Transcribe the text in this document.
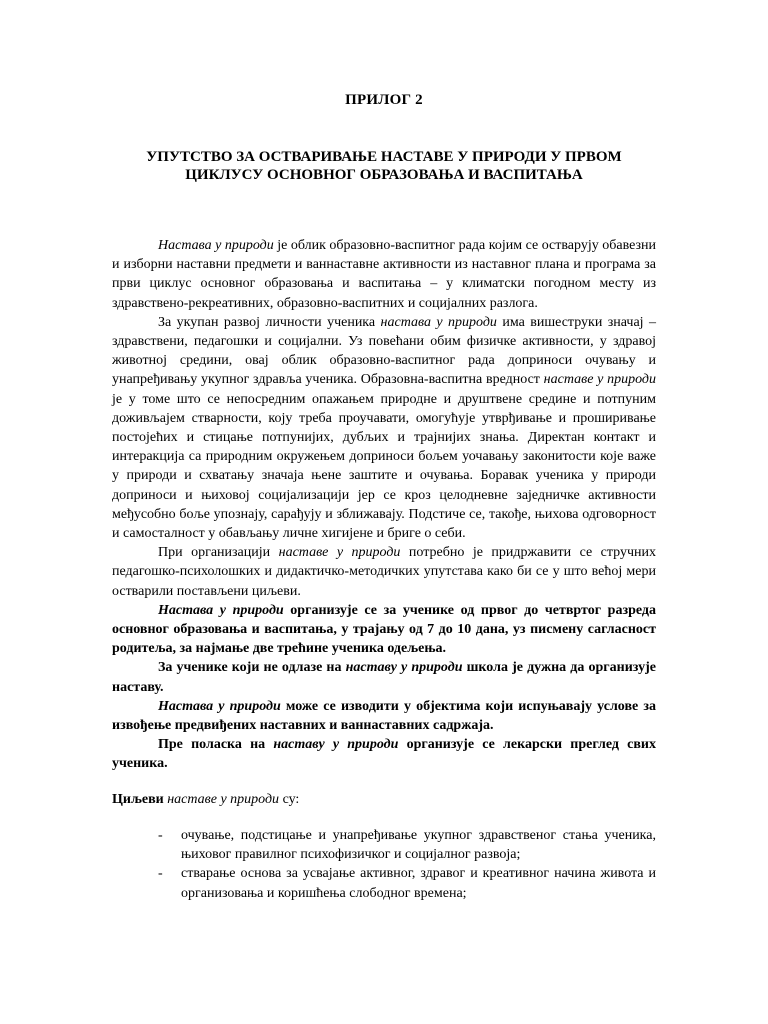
ПРИЛОГ 2
УПУТСТВО ЗА ОСТВАРИВАЊЕ НАСТАВЕ У ПРИРОДИ У ПРВОМ
ЦИКЛУСУ ОСНОВНОГ ОБРАЗОВАЊА И ВАСПИТАЊА

Настава у природи је облик образовно-васпитног рада којим се остварују обавезни и изборни наставни предмети и ваннаставне активности из наставног плана и програма за први циклус основног образовања и васпитања – у климатски погодном месту из здравствено-рекреативних, образовно-васпитних и социјалних разлога.

За укупан развој личности ученика настава у природи има вишеструки значај – здравствени, педагошки и социјални. Уз повећани обим физичке активности, у здравој животној средини, овај облик образовно-васпитног рада доприноси очувању и унапређивању укупног здравља ученика. Образовна-васпитна вредност наставе у природи је у томе што се непосредним опажањем природне и друштвене средине и потпуним доживљајем стварности, коју треба проучавати, омогућује утврђивање и проширивање постојећих и стицање потпунијих, дубљих и трајнијих знања. Директан контакт и интеракција са природним окружењем доприноси бољем уочавању законитости које важе у природи и схватању значаја њене заштите и очувања. Боравак ученика у природи доприноси и њиховој социјализацији јер се кроз целодневне заједничке активности међусобно боље упознају, сарађују и зближавају. Подстиче се, такође, њихова одговорност и самосталност у обављању личне хигијене и бриге о себи.

При организацији наставе у природи потребно је придржавити се стручних педагошко-психолошких и дидактичко-методичких упутстава како би се у што већој мери остварили постављени циљеви.

Настава у природи организује се за ученике од првог до четвртог разреда основног образовања и васпитања, у трајању од 7 до 10 дана, уз писмену сагласност родитеља, за најмање две трећине ученика одељења.

За ученике који не одлазе на наставу у природи школа је дужна да организује наставу.

Настава у природи може се изводити у објектима који испуњавају услове за извођење предвиђених наставних и ваннаставних садржаја.

Пре поласка на наставу у природи организује се лекарски преглед свих ученика.

Циљеви наставе у природи су:
- очување, подстицање и унапређивање укупног здравственог стања ученика, њиховог правилног психофизичког и социјалног развоја;
- стварање основа за усвајање активног, здравог и креативног начина живота и организовања и коришћења слободног времена;
